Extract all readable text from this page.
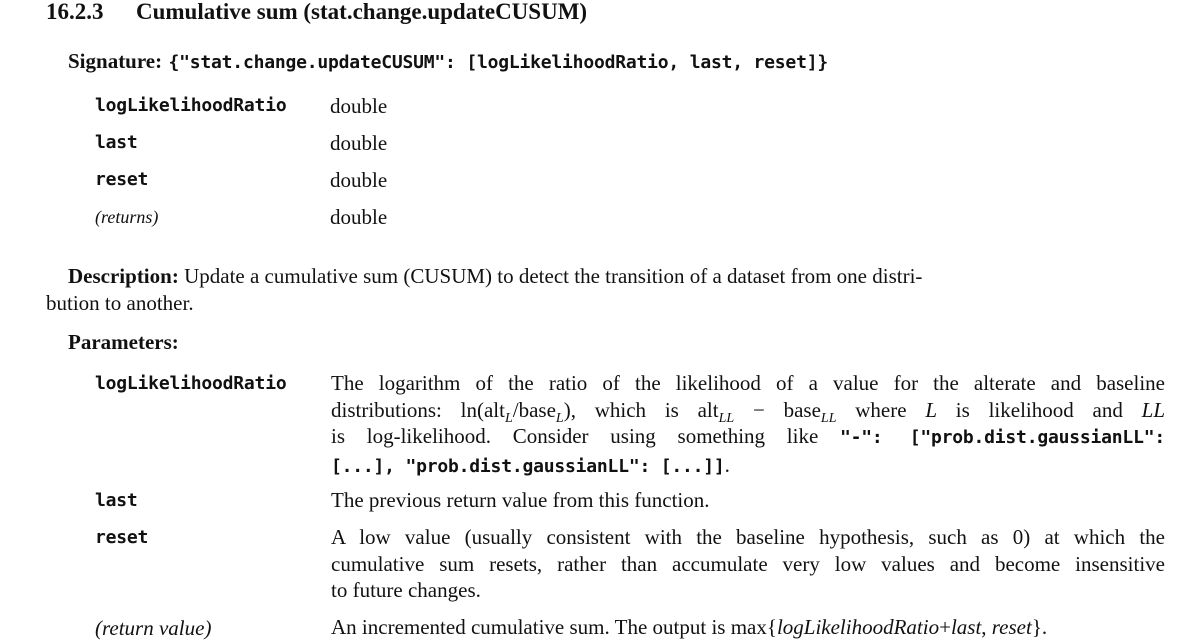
16.2.3 Cumulative sum (stat.change.updateCUSUM)
Signature: {"stat.change.updateCUSUM": [logLikelihoodRatio, last, reset]}
logLikelihoodRatio double
last	double
reset	double
(returns)	double
Description: Update a cumulative sum (CUSUM) to detect the transition of a dataset from one distri-
bution to another.
Parameters:
logLikelihoodRatio The logarithm of the ratio of the likelihood of a value for the alterate and baseline
distributions: ln(alt$_L$/base$_L$), which is alt$_{LL}$ − base$_{LL}$ where L is likelihood and LL
is log-likelihood. Consider using something like "-": ["prob.dist.gaussianLL":
[...], "prob.dist.gaussianLL": [...]].
last	The previous return value from this function.
reset	A low value (usually consistent with the baseline hypothesis, such as 0) at which the
cumulative sum resets, rather than accumulate very low values and become insensitive
to future changes.
(return value)	An incremented cumulative sum. The output is max{logLikelihoodRatio+last, reset}.
